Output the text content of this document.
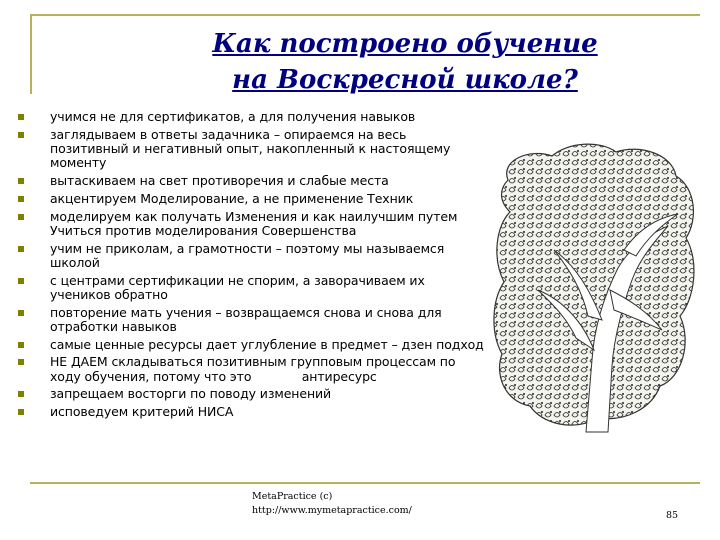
Как построено обучение
на Воскресной школе?
учимся не для сертификатов, а для получения навыков
заглядываем в ответы задачника – опираемся на весь позитивный и негативный опыт, накопленный к настоящему моменту
вытаскиваем на свет противоречия и слабые места
акцентируем Моделирование, а не применение Техник
моделируем как получать Изменения и как наилучшим путем Учиться против моделирования Совершенства
учим не приколам, а грамотности – поэтому мы называемся школой
с центрами сертификации не спорим, а заворачиваем их учеников обратно
повторение мать учения – возвращаемся снова и снова для отработки навыков
самые ценные ресурсы дает углубление в предмет – дзен подход
НЕ ДАЕМ складываться позитивным групповым процессам по ходу обучения, потому что это             антиресурс
запрещаем восторги по поводу изменений
исповедуем критерий НИСА
MetaPractice (c)
http://www.mymetapractice.com/	85
